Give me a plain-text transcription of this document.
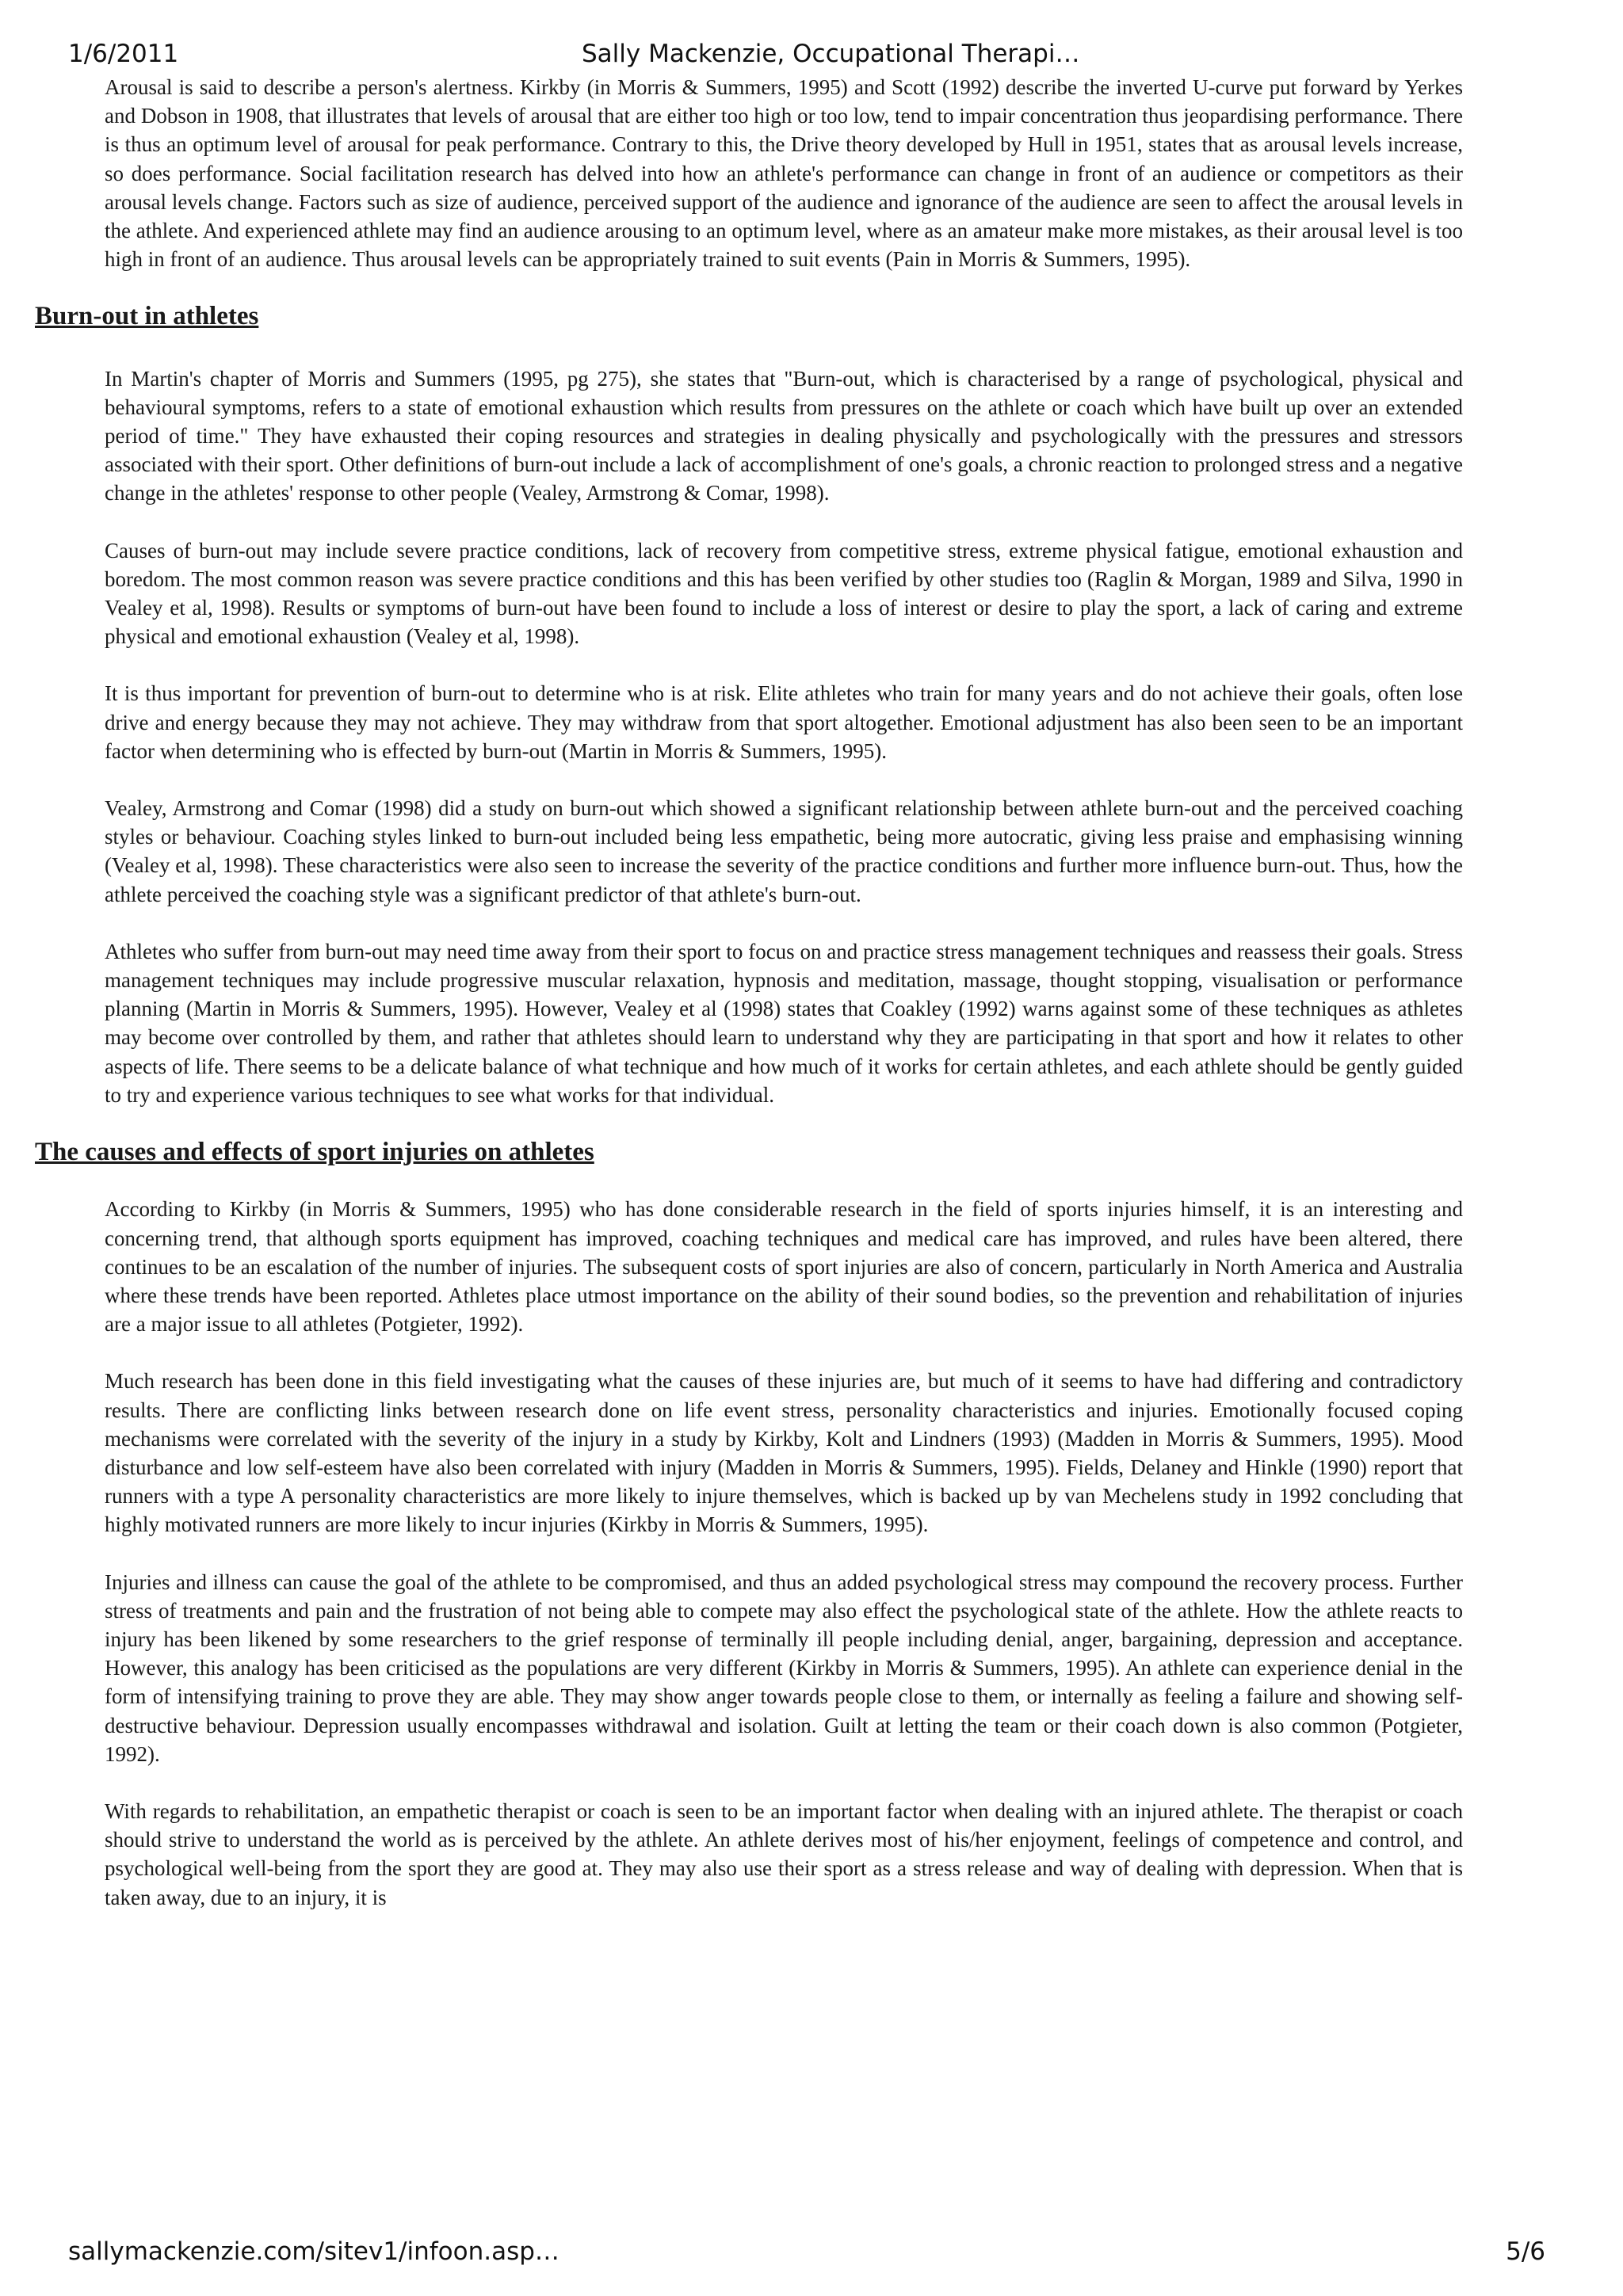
1/6/2011	Sally Mackenzie, Occupational Therapi…

Arousal is said to describe a person's alertness. Kirkby (in Morris & Summers, 1995) and Scott (1992) describe the inverted U-curve put forward by Yerkes and Dobson in 1908, that illustrates that levels of arousal that are either too high or too low, tend to impair concentration thus jeopardising performance. There is thus an optimum level of arousal for peak performance. Contrary to this, the Drive theory developed by Hull in 1951, states that as arousal levels increase, so does performance. Social facilitation research has delved into how an athlete's performance can change in front of an audience or competitors as their arousal levels change. Factors such as size of audience, perceived support of the audience and ignorance of the audience are seen to affect the arousal levels in the athlete. And experienced athlete may find an audience arousing to an optimum level, where as an amateur make more mistakes, as their arousal level is too high in front of an audience. Thus arousal levels can be appropriately trained to suit events (Pain in Morris & Summers, 1995).

Burn-out in athletes

In Martin's chapter of Morris and Summers (1995, pg 275), she states that "Burn-out, which is characterised by a range of psychological, physical and behavioural symptoms, refers to a state of emotional exhaustion which results from pressures on the athlete or coach which have built up over an extended period of time." They have exhausted their coping resources and strategies in dealing physically and psychologically with the pressures and stressors associated with their sport. Other definitions of burn-out include a lack of accomplishment of one's goals, a chronic reaction to prolonged stress and a negative change in the athletes' response to other people (Vealey, Armstrong & Comar, 1998).

Causes of burn-out may include severe practice conditions, lack of recovery from competitive stress, extreme physical fatigue, emotional exhaustion and boredom. The most common reason was severe practice conditions and this has been verified by other studies too (Raglin & Morgan, 1989 and Silva, 1990 in Vealey et al, 1998). Results or symptoms of burn-out have been found to include a loss of interest or desire to play the sport, a lack of caring and extreme physical and emotional exhaustion (Vealey et al, 1998).

It is thus important for prevention of burn-out to determine who is at risk. Elite athletes who train for many years and do not achieve their goals, often lose drive and energy because they may not achieve. They may withdraw from that sport altogether. Emotional adjustment has also been seen to be an important factor when determining who is effected by burn-out (Martin in Morris & Summers, 1995).

Vealey, Armstrong and Comar (1998) did a study on burn-out which showed a significant relationship between athlete burn-out and the perceived coaching styles or behaviour. Coaching styles linked to burn-out included being less empathetic, being more autocratic, giving less praise and emphasising winning (Vealey et al, 1998). These characteristics were also seen to increase the severity of the practice conditions and further more influence burn-out. Thus, how the athlete perceived the coaching style was a significant predictor of that athlete's burn-out.

Athletes who suffer from burn-out may need time away from their sport to focus on and practice stress management techniques and reassess their goals. Stress management techniques may include progressive muscular relaxation, hypnosis and meditation, massage, thought stopping, visualisation or performance planning (Martin in Morris & Summers, 1995). However, Vealey et al (1998) states that Coakley (1992) warns against some of these techniques as athletes may become over controlled by them, and rather that athletes should learn to understand why they are participating in that sport and how it relates to other aspects of life. There seems to be a delicate balance of what technique and how much of it works for certain athletes, and each athlete should be gently guided to try and experience various techniques to see what works for that individual.

The causes and effects of sport injuries on athletes

According to Kirkby (in Morris & Summers, 1995) who has done considerable research in the field of sports injuries himself, it is an interesting and concerning trend, that although sports equipment has improved, coaching techniques and medical care has improved, and rules have been altered, there continues to be an escalation of the number of injuries. The subsequent costs of sport injuries are also of concern, particularly in North America and Australia where these trends have been reported. Athletes place utmost importance on the ability of their sound bodies, so the prevention and rehabilitation of injuries are a major issue to all athletes (Potgieter, 1992).

Much research has been done in this field investigating what the causes of these injuries are, but much of it seems to have had differing and contradictory results. There are conflicting links between research done on life event stress, personality characteristics and injuries. Emotionally focused coping mechanisms were correlated with the severity of the injury in a study by Kirkby, Kolt and Lindners (1993) (Madden in Morris & Summers, 1995). Mood disturbance and low self-esteem have also been correlated with injury (Madden in Morris & Summers, 1995). Fields, Delaney and Hinkle (1990) report that runners with a type A personality characteristics are more likely to injure themselves, which is backed up by van Mechelens study in 1992 concluding that highly motivated runners are more likely to incur injuries (Kirkby in Morris & Summers, 1995).

Injuries and illness can cause the goal of the athlete to be compromised, and thus an added psychological stress may compound the recovery process. Further stress of treatments and pain and the frustration of not being able to compete may also effect the psychological state of the athlete. How the athlete reacts to injury has been likened by some researchers to the grief response of terminally ill people including denial, anger, bargaining, depression and acceptance. However, this analogy has been criticised as the populations are very different (Kirkby in Morris & Summers, 1995). An athlete can experience denial in the form of intensifying training to prove they are able. They may show anger towards people close to them, or internally as feeling a failure and showing self-destructive behaviour. Depression usually encompasses withdrawal and isolation. Guilt at letting the team or their coach down is also common (Potgieter, 1992).

With regards to rehabilitation, an empathetic therapist or coach is seen to be an important factor when dealing with an injured athlete. The therapist or coach should strive to understand the world as is perceived by the athlete. An athlete derives most of his/her enjoyment, feelings of competence and control, and psychological well-being from the sport they are good at. They may also use their sport as a stress release and way of dealing with depression. When that is taken away, due to an injury, it is

sallymackenzie.com/sitev1/infoon.asp…	5/6
